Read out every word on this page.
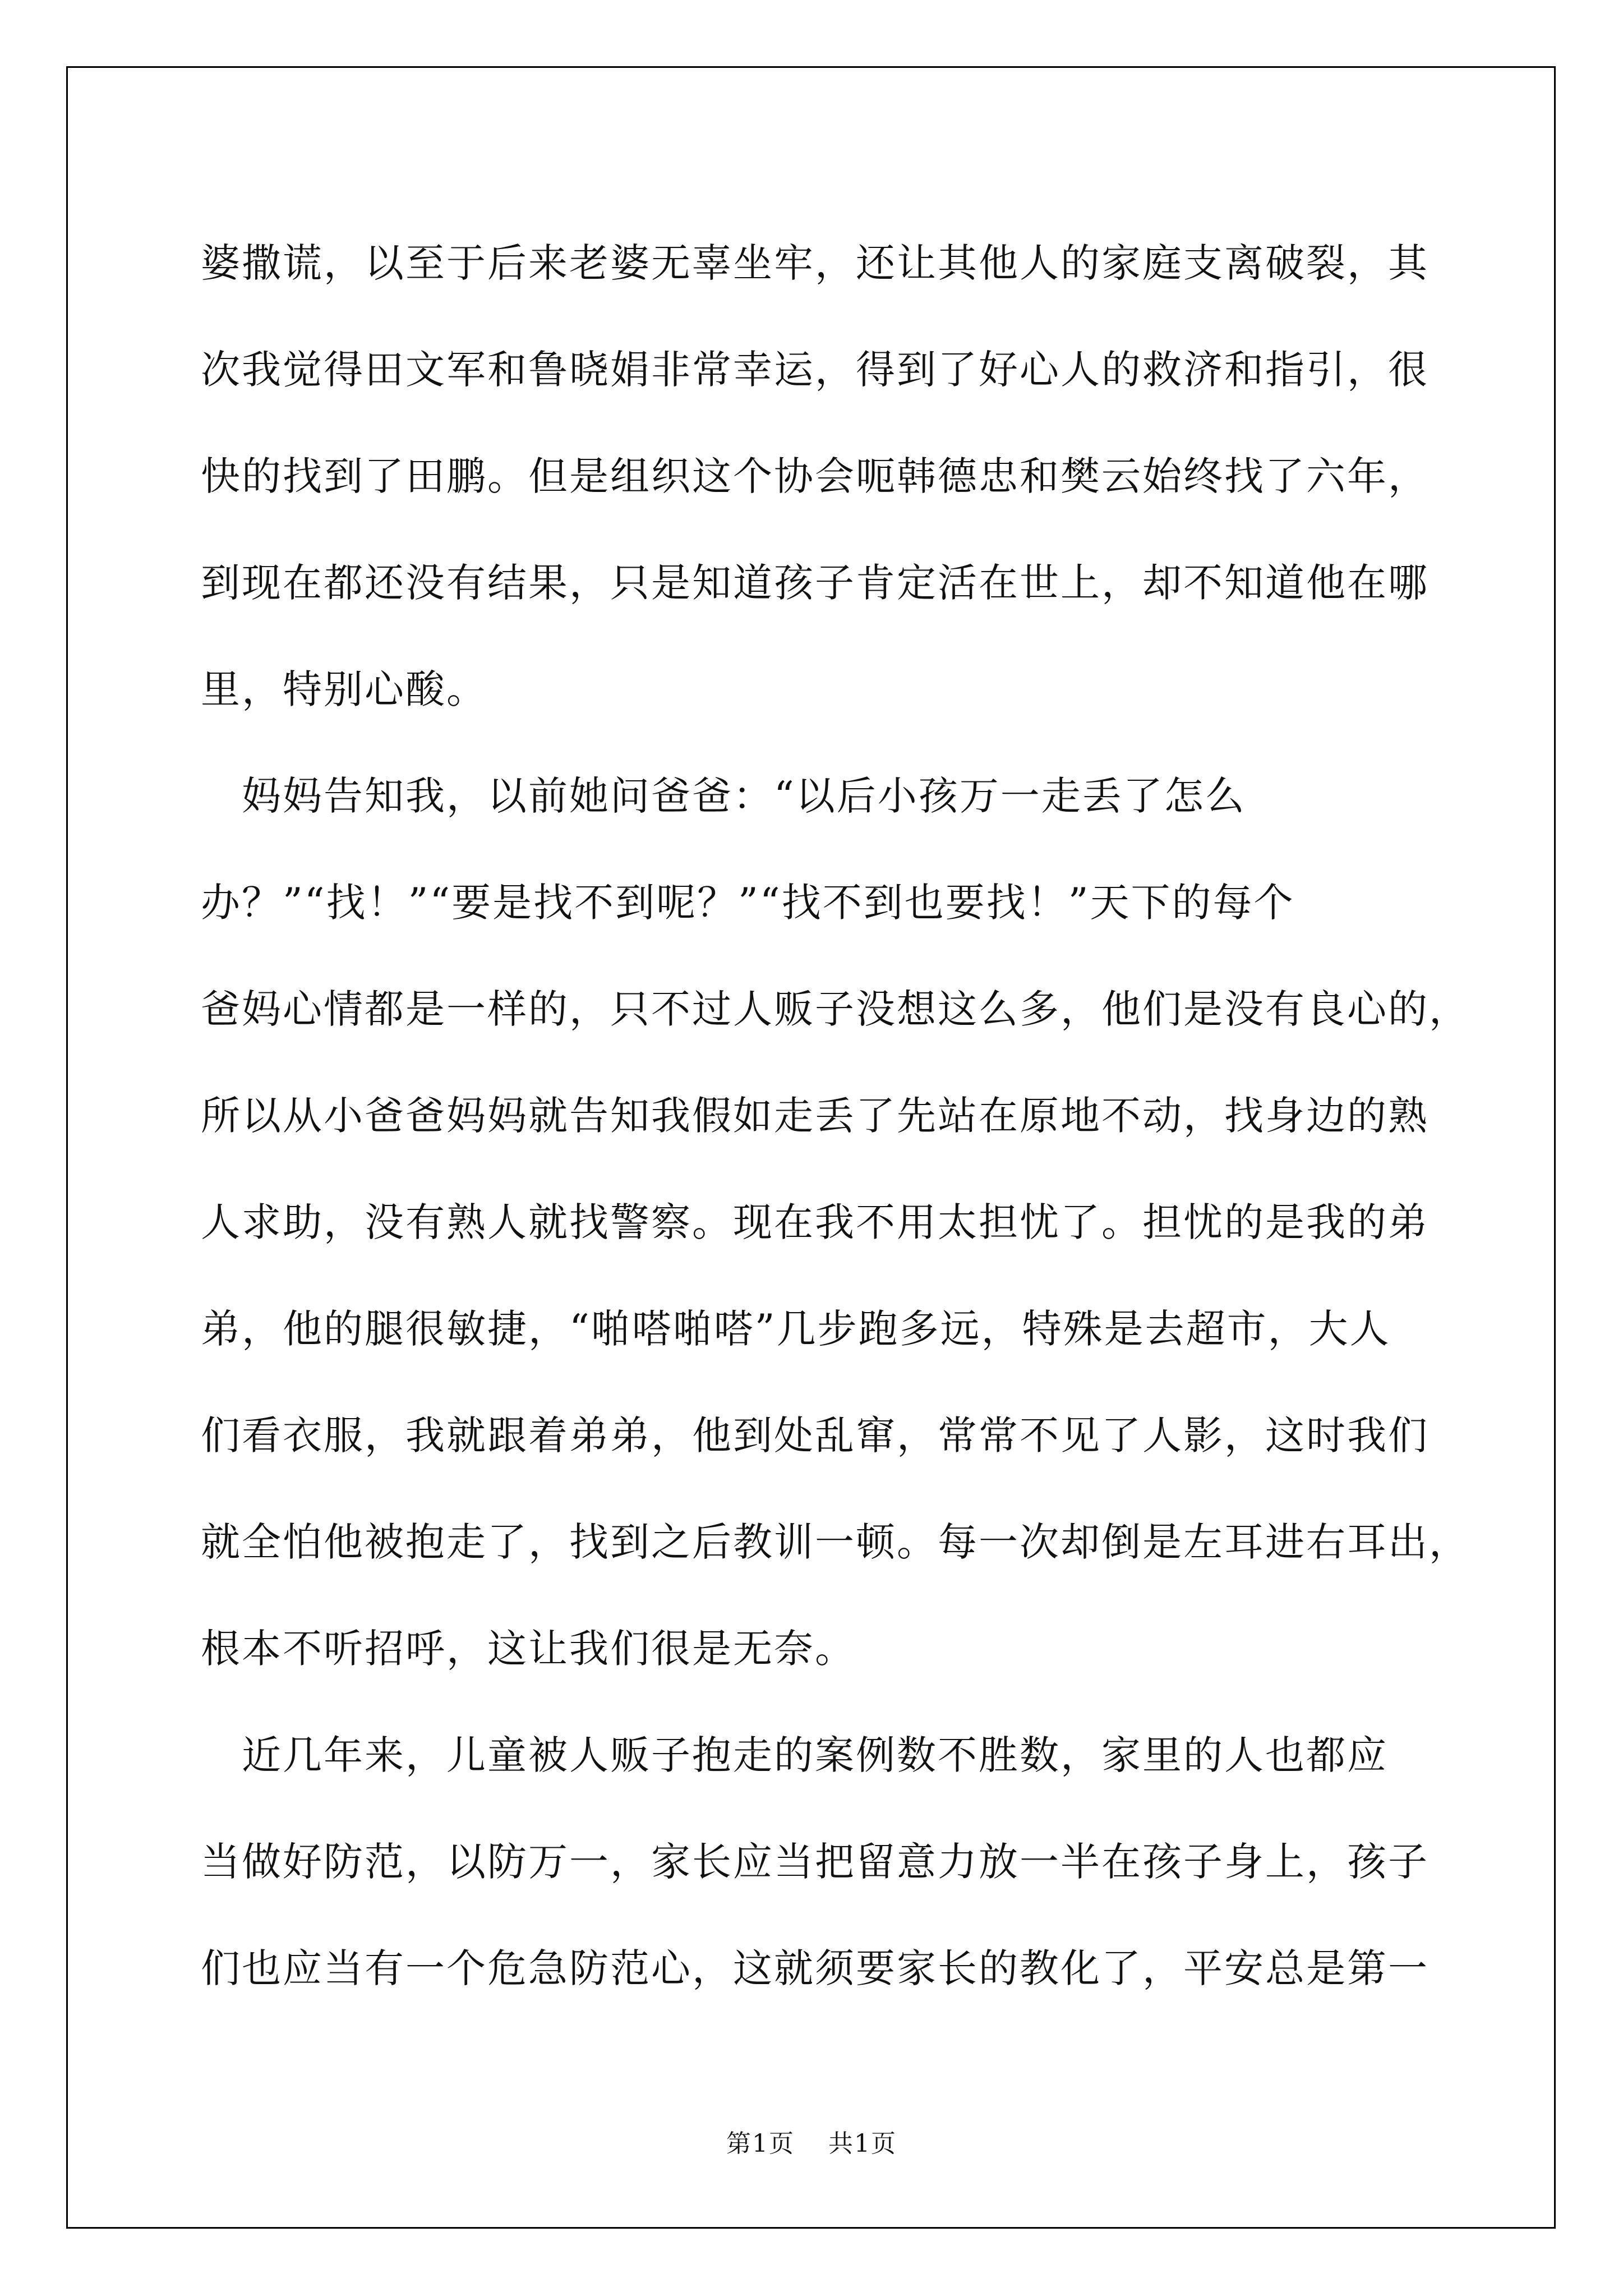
婆撒谎，以至于后来老婆无辜坐牢，还让其他人的家庭支离破裂，其
次我觉得田文军和鲁晓娟非常幸运，得到了好心人的救济和指引，很
快的找到了田鹏。但是组织这个协会呃韩德忠和樊云始终找了六年，
到现在都还没有结果，只是知道孩子肯定活在世上，却不知道他在哪
里，特别心酸。
　妈妈告知我，以前她问爸爸：“以后小孩万一走丢了怎么
办？”“找！”“要是找不到呢？”“找不到也要找！”天下的每个
爸妈心情都是一样的，只不过人贩子没想这么多，他们是没有良心的，
所以从小爸爸妈妈就告知我假如走丢了先站在原地不动，找身边的熟
人求助，没有熟人就找警察。现在我不用太担忧了。担忧的是我的弟
弟，他的腿很敏捷，“啪嗒啪嗒”几步跑多远，特殊是去超市，大人
们看衣服，我就跟着弟弟，他到处乱窜，常常不见了人影，这时我们
就全怕他被抱走了，找到之后教训一顿。每一次却倒是左耳进右耳出，
根本不听招呼，这让我们很是无奈。
　近几年来，儿童被人贩子抱走的案例数不胜数，家里的人也都应
当做好防范，以防万一，家长应当把留意力放一半在孩子身上，孩子
们也应当有一个危急防范心，这就须要家长的教化了，平安总是第一

第1页 共1页
